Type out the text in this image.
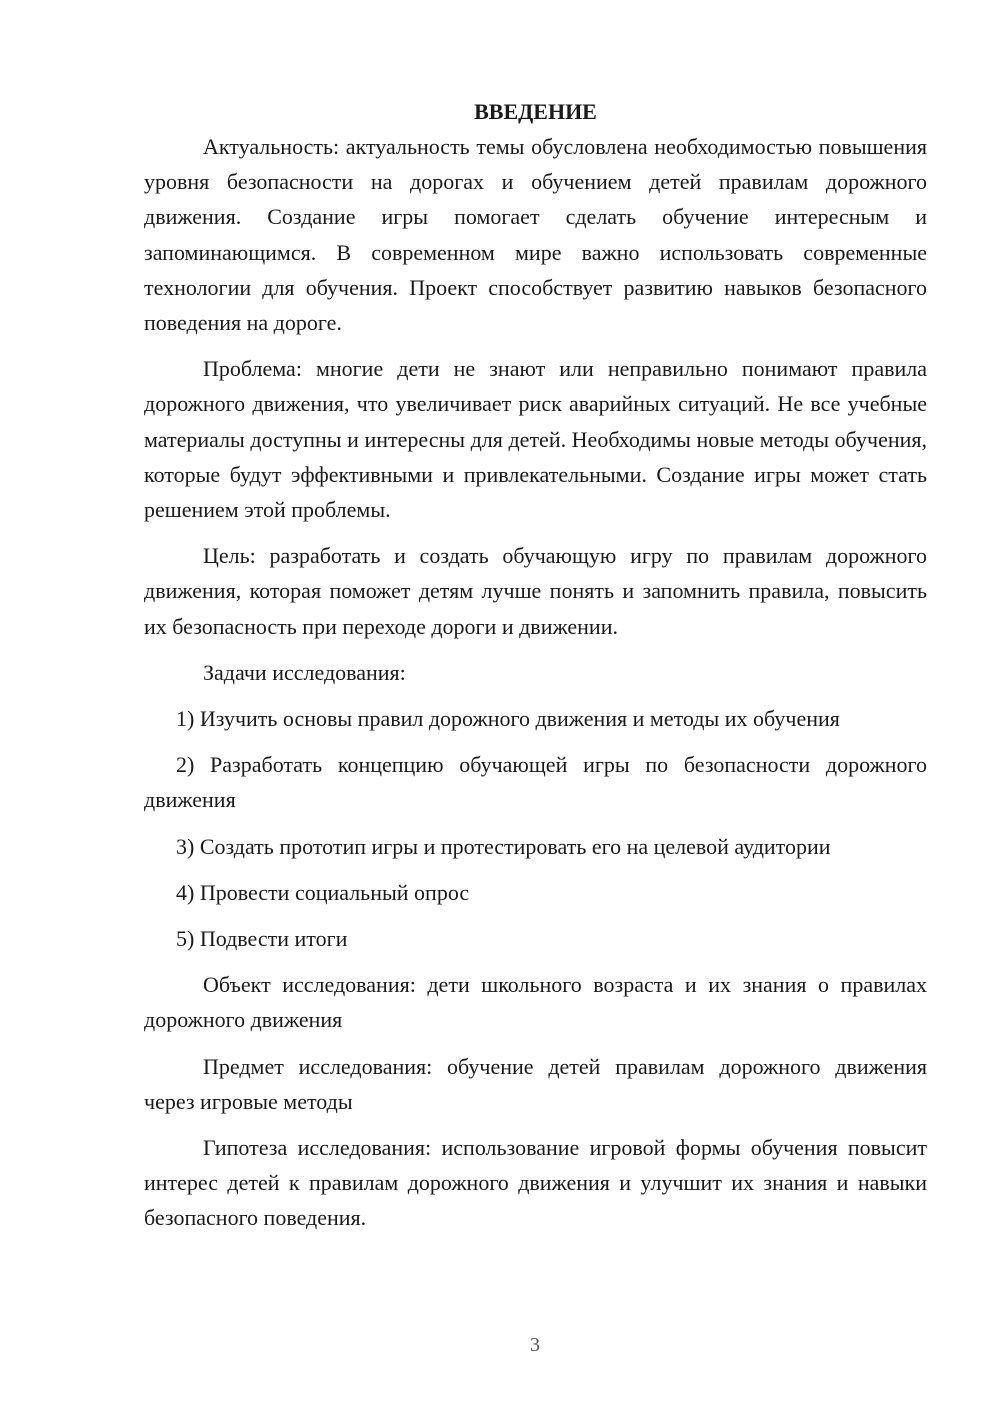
ВВЕДЕНИЕ

Актуальность: актуальность темы обусловлена необходимостью повышения уровня безопасности на дорогах и обучением детей правилам дорожного движения. Создание игры помогает сделать обучение интересным и запоминающимся. В современном мире важно использовать современные технологии для обучения. Проект способствует развитию навыков безопасного поведения на дороге.

Проблема: многие дети не знают или неправильно понимают правила дорожного движения, что увеличивает риск аварийных ситуаций. Не все учебные материалы доступны и интересны для детей. Необходимы новые методы обучения, которые будут эффективными и привлекательными. Создание игры может стать решением этой проблемы.

Цель: разработать и создать обучающую игру по правилам дорожного движения, которая поможет детям лучше понять и запомнить правила, повысить их безопасность при переходе дороги и движении.

Задачи исследования:

1) Изучить основы правил дорожного движения и методы их обучения

2) Разработать концепцию обучающей игры по безопасности дорожного движения

3) Создать прототип игры и протестировать его на целевой аудитории

4) Провести социальный опрос

5) Подвести итоги

Объект исследования: дети школьного возраста и их знания о правилах дорожного движения

Предмет исследования: обучение детей правилам дорожного движения через игровые методы

Гипотеза исследования: использование игровой формы обучения повысит интерес детей к правилам дорожного движения и улучшит их знания и навыки безопасного поведения.

3
